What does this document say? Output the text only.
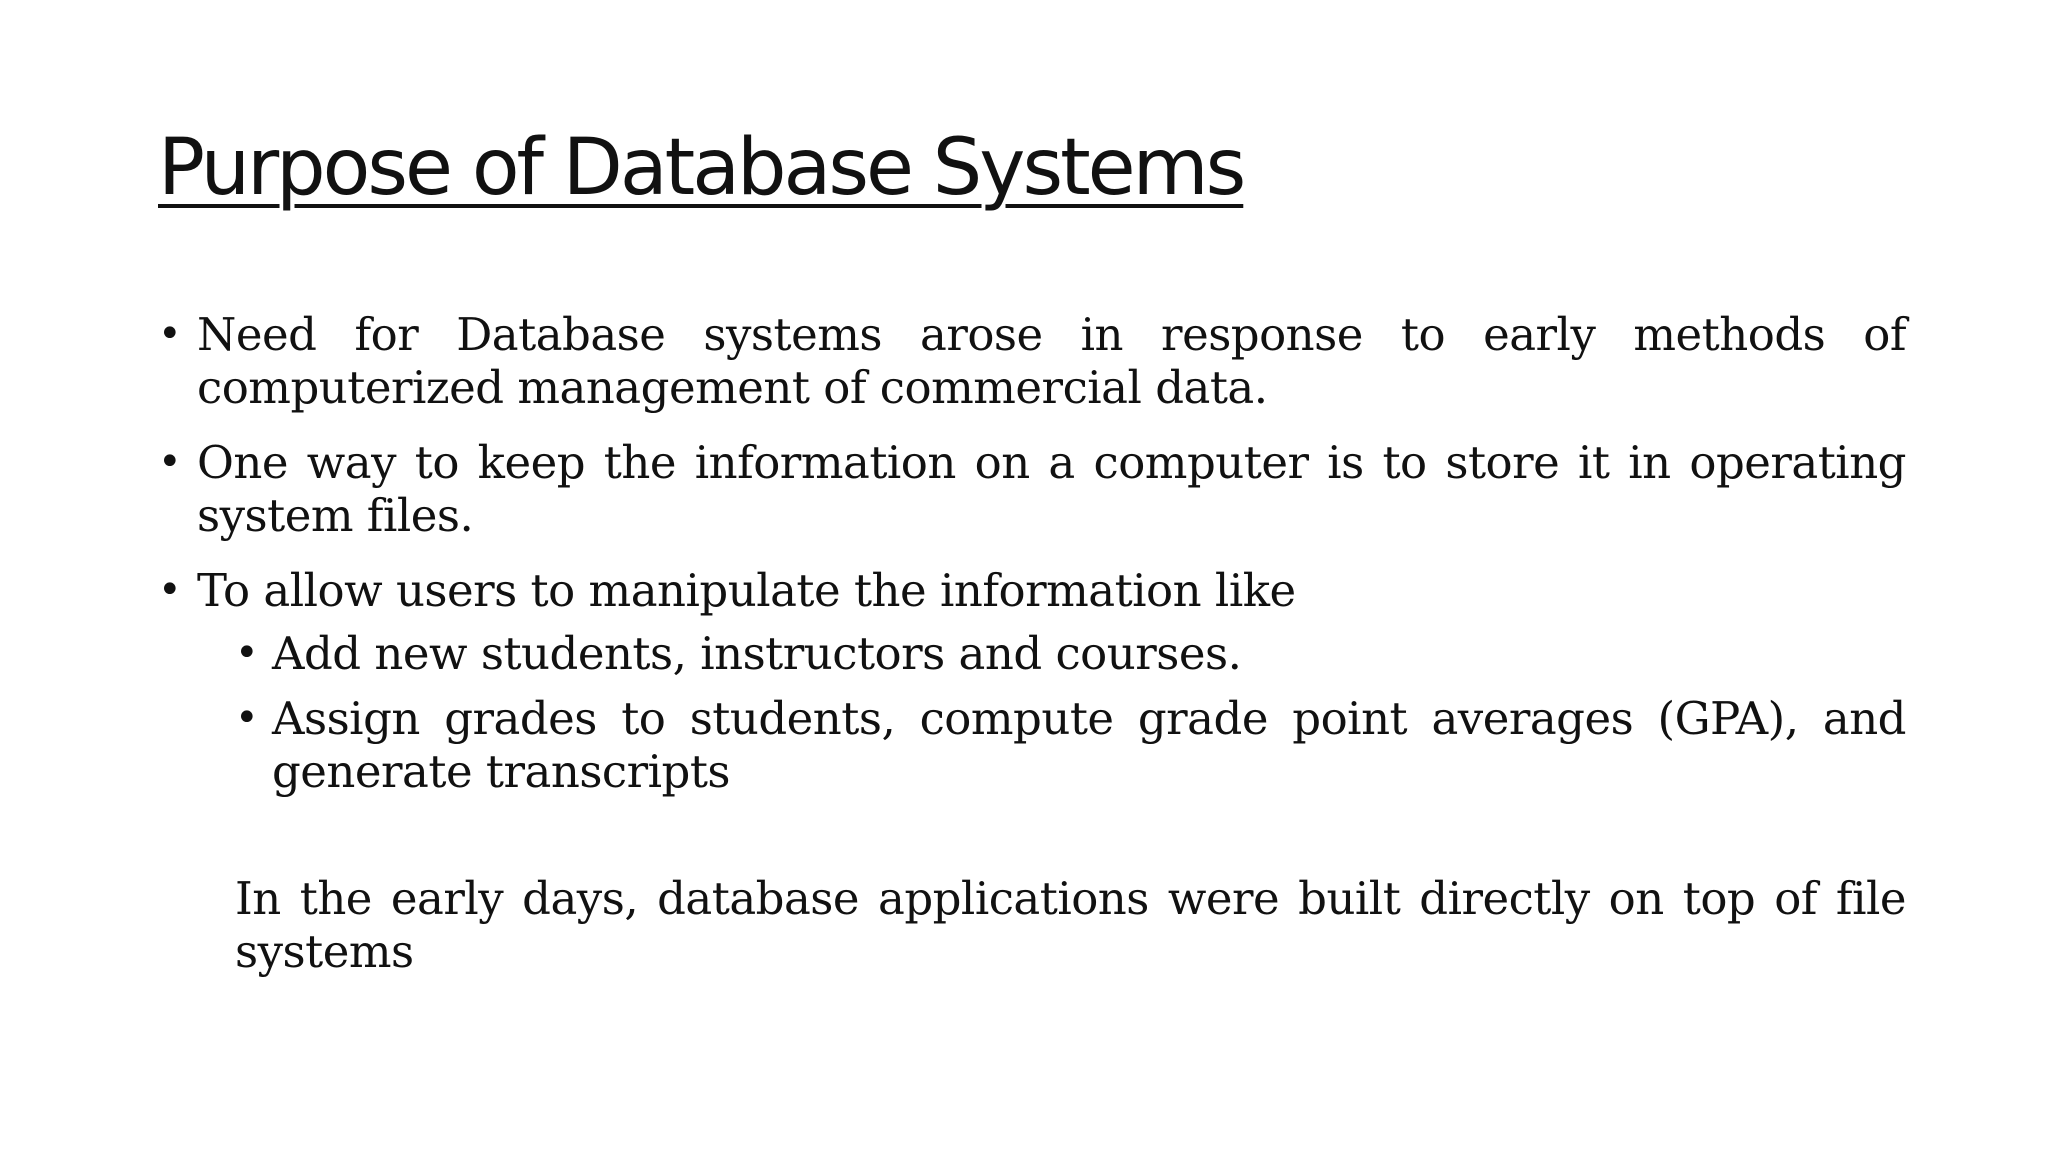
Purpose of Database Systems
• Need for Database systems arose in response to early methods of computerized management of commercial data.
• One way to keep the information on a computer is to store it in operating system files.
• To allow users to manipulate the information like
• Add new students, instructors and courses.
• Assign grades to students, compute grade point averages (GPA), and generate transcripts
In the early days, database applications were built directly on top of file systems
